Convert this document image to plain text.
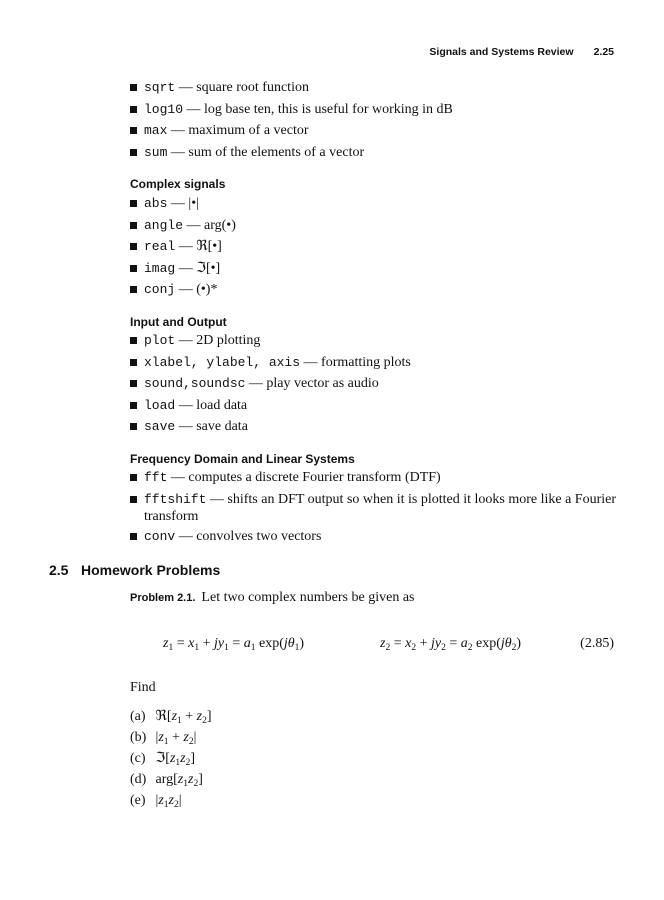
Signals and Systems Review 2.25
sqrt — square root function
log10 — log base ten, this is useful for working in dB
max — maximum of a vector
sum — sum of the elements of a vector
Complex signals
abs — |•|
angle — arg(•)
real — ℜ[•]
imag — ℑ[•]
conj — (•)*
Input and Output
plot — 2D plotting
xlabel, ylabel, axis — formatting plots
sound,soundsc — play vector as audio
load — load data
save — save data
Frequency Domain and Linear Systems
fft — computes a discrete Fourier transform (DTF)
fftshift — shifts an DFT output so when it is plotted it looks more like a Fourier transform
conv — convolves two vectors
2.5 Homework Problems
Problem 2.1. Let two complex numbers be given as
$z_1 = x_1 + jy_1 = a_1$ $\exp(j\theta_1)$	$z_2 = x_2 + jy_2 = a_2$ $\exp(j\theta_2)$	(2.85)
Find
(a) $ℜ[z_1 + z_2]$
(b) $|z_1 + z_2|$
(c) $ℑ[z_1z_2]$
(d) $arg[z_1z_2]$
(e) $|z_1z_2|$
